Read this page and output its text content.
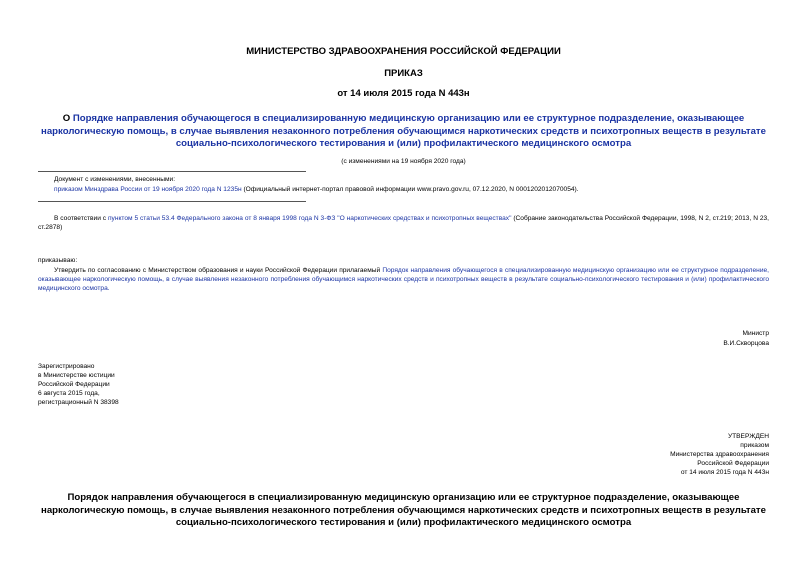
МИНИСТЕРСТВО ЗДРАВООХРАНЕНИЯ РОССИЙСКОЙ ФЕДЕРАЦИИ
ПРИКАЗ
от 14 июля 2015 года N 443н
О Порядке направления обучающегося в специализированную медицинскую организацию или ее структурное подразделение, оказывающее наркологическую помощь, в случае выявления незаконного потребления обучающимся наркотических средств и психотропных веществ в результате социально-психологического тестирования и (или) профилактического медицинского осмотра
(с изменениями на 19 ноября 2020 года)
Документ с изменениями, внесенными:
приказом Минздрава России от 19 ноября 2020 года N 1235н (Официальный интернет-портал правовой информации www.pravo.gov.ru, 07.12.2020, N 0001202012070054).
В соответствии с пунктом 5 статьи 53.4 Федерального закона от 8 января 1998 года N 3-ФЗ "О наркотических средствах и психотропных веществах" (Собрание законодательства Российской Федерации, 1998, N 2, ст.219; 2013, N 23, ст.2878)
приказываю:
Утвердить по согласованию с Министерством образования и науки Российской Федерации прилагаемый Порядок направления обучающегося в специализированную медицинскую организацию или ее структурное подразделение, оказывающее наркологическую помощь, в случае выявления незаконного потребления обучающимся наркотических средств и психотропных веществ в результате социально-психологического тестирования и (или) профилактического медицинского осмотра.
Министр
В.И.Скворцова
Зарегистрировано
в Министерстве юстиции
Российской Федерации
6 августа 2015 года,
регистрационный N 38398
УТВЕРЖДЕН
приказом
Министерства здравоохранения
Российской Федерации
от 14 июля 2015 года N 443н
Порядок направления обучающегося в специализированную медицинскую организацию или ее структурное подразделение, оказывающее наркологическую помощь, в случае выявления незаконного потребления обучающимся наркотических средств и психотропных веществ в результате социально-психологического тестирования и (или) профилактического медицинского осмотра
